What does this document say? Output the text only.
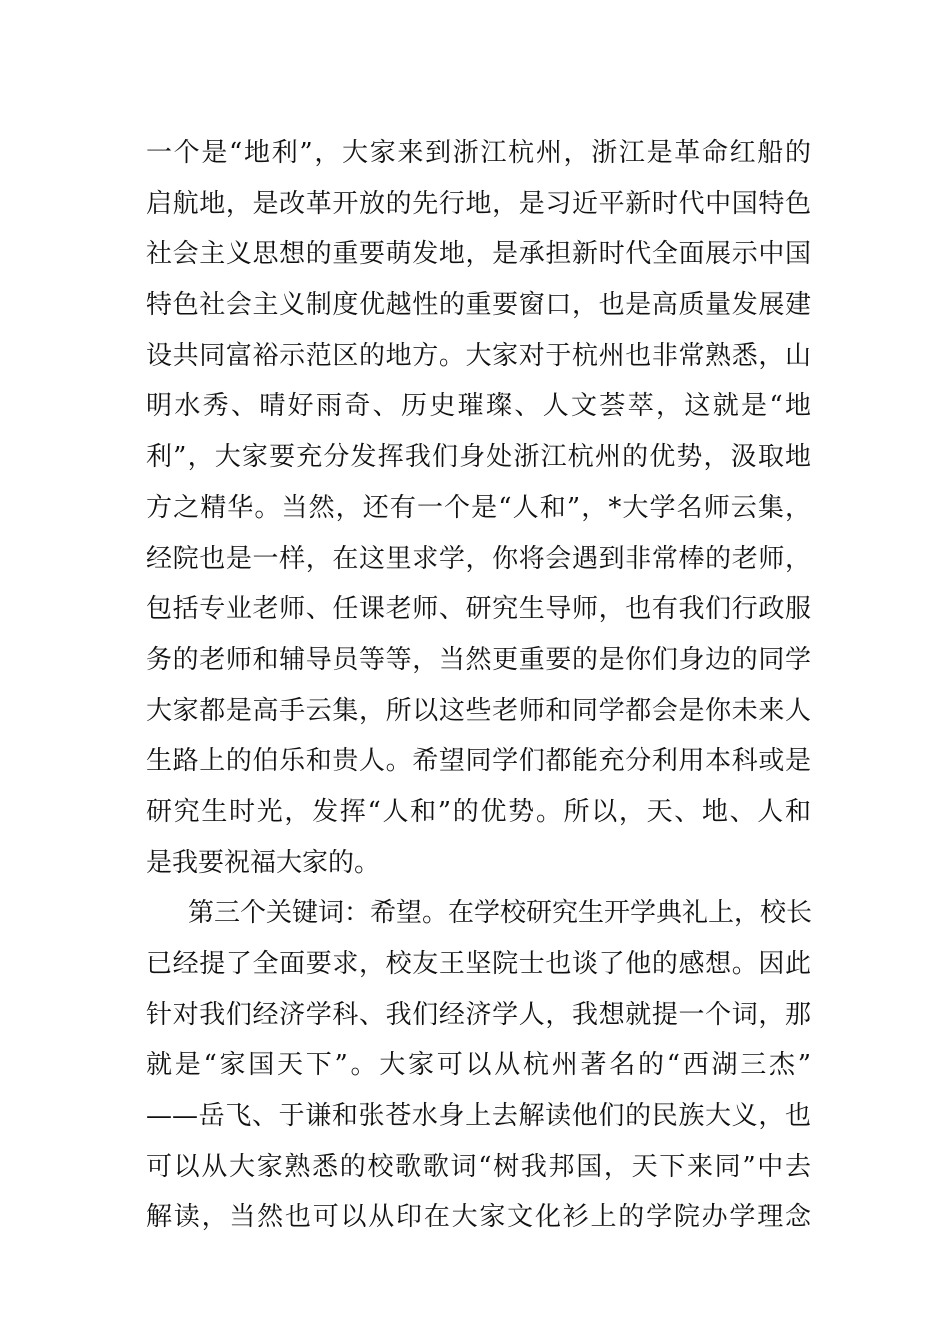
一个是“地利”，大家来到浙江杭州，浙江是革命红船的
启航地，是改革开放的先行地，是习近平新时代中国特色
社会主义思想的重要萌发地，是承担新时代全面展示中国
特色社会主义制度优越性的重要窗口，也是高质量发展建
设共同富裕示范区的地方。大家对于杭州也非常熟悉，山
明水秀、晴好雨奇、历史璀璨、人文荟萃，这就是“地
利”，大家要充分发挥我们身处浙江杭州的优势，汲取地
方之精华。当然，还有一个是“人和”，*大学名师云集，
经院也是一样，在这里求学，你将会遇到非常棒的老师，
包括专业老师、任课老师、研究生导师，也有我们行政服
务的老师和辅导员等等，当然更重要的是你们身边的同学
大家都是高手云集，所以这些老师和同学都会是你未来人
生路上的伯乐和贵人。希望同学们都能充分利用本科或是
研究生时光，发挥“人和”的优势。所以，天、地、人和
是我要祝福大家的。
第三个关键词：希望。在学校研究生开学典礼上，校长
已经提了全面要求，校友王坚院士也谈了他的感想。因此
针对我们经济学科、我们经济学人，我想就提一个词，那
就是“家国天下”。大家可以从杭州著名的“西湖三杰”
——岳飞、于谦和张苍水身上去解读他们的民族大义，也
可以从大家熟悉的校歌歌词“树我邦国，天下来同”中去
解读，当然也可以从印在大家文化衫上的学院办学理念
